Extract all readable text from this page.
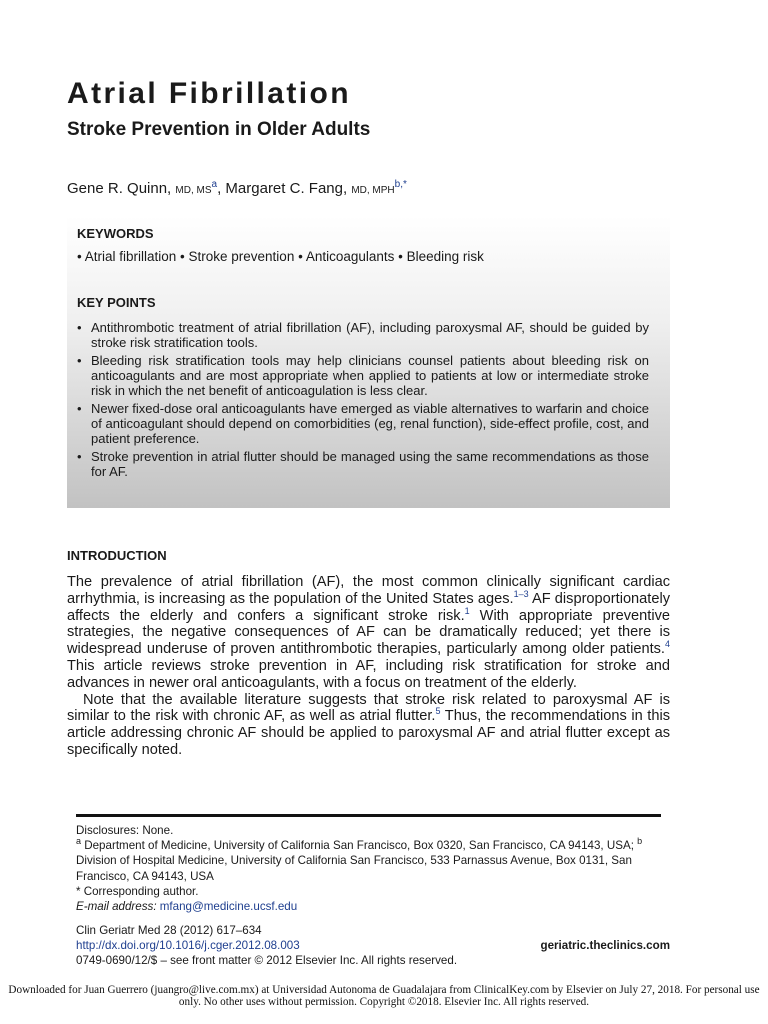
Atrial Fibrillation
Stroke Prevention in Older Adults
Gene R. Quinn, MD, MS$^a$, Margaret C. Fang, MD, MPH$^{b,*}$
KEYWORDS
• Atrial fibrillation • Stroke prevention • Anticoagulants • Bleeding risk
KEY POINTS
• Antithrombotic treatment of atrial fibrillation (AF), including paroxysmal AF, should be guided by stroke risk stratification tools.
• Bleeding risk stratification tools may help clinicians counsel patients about bleeding risk on anticoagulants and are most appropriate when applied to patients at low or intermediate stroke risk in which the net benefit of anticoagulation is less clear.
• Newer fixed-dose oral anticoagulants have emerged as viable alternatives to warfarin and choice of anticoagulant should depend on comorbidities (eg, renal function), side-effect profile, cost, and patient preference.
• Stroke prevention in atrial flutter should be managed using the same recommendations as those for AF.
INTRODUCTION

The prevalence of atrial fibrillation (AF), the most common clinically significant cardiac arrhythmia, is increasing as the population of the United States ages.$^{1-3}$ AF disproportionately affects the elderly and confers a significant stroke risk.$^1$ With appropriate preventive strategies, the negative consequences of AF can be dramatically reduced; yet there is widespread underuse of proven antithrombotic therapies, particularly among older patients.$^4$ This article reviews stroke prevention in AF, including risk stratification for stroke and advances in newer oral anticoagulants, with a focus on treatment of the elderly.

Note that the available literature suggests that stroke risk related to paroxysmal AF is similar to the risk with chronic AF, as well as atrial flutter.$^5$ Thus, the recommendations in this article addressing chronic AF should be applied to paroxysmal AF and atrial flutter except as specifically noted.

Disclosures: None.

$^a$ Department of Medicine, University of California San Francisco, Box 0320, San Francisco, CA 94143, USA; $^b$ Division of Hospital Medicine, University of California San Francisco, 533 Parnassus Avenue, Box 0131, San Francisco, CA 94143, USA

* Corresponding author.

E-mail address: mfang@medicine.ucsf.edu

Clin Geriatr Med 28 (2012) 617–634

http://dx.doi.org/10.1016/j.cger.2012.08.003	geriatric.theclinics.com

0749-0690/12/$ – see front matter © 2012 Elsevier Inc. All rights reserved.

Downloaded for Juan Guerrero (juangro@live.com.mx) at Universidad Autonoma de Guadalajara from ClinicalKey.com by Elsevier on July 27, 2018. For personal use only. No other uses without permission. Copyright ©2018. Elsevier Inc. All rights reserved.
